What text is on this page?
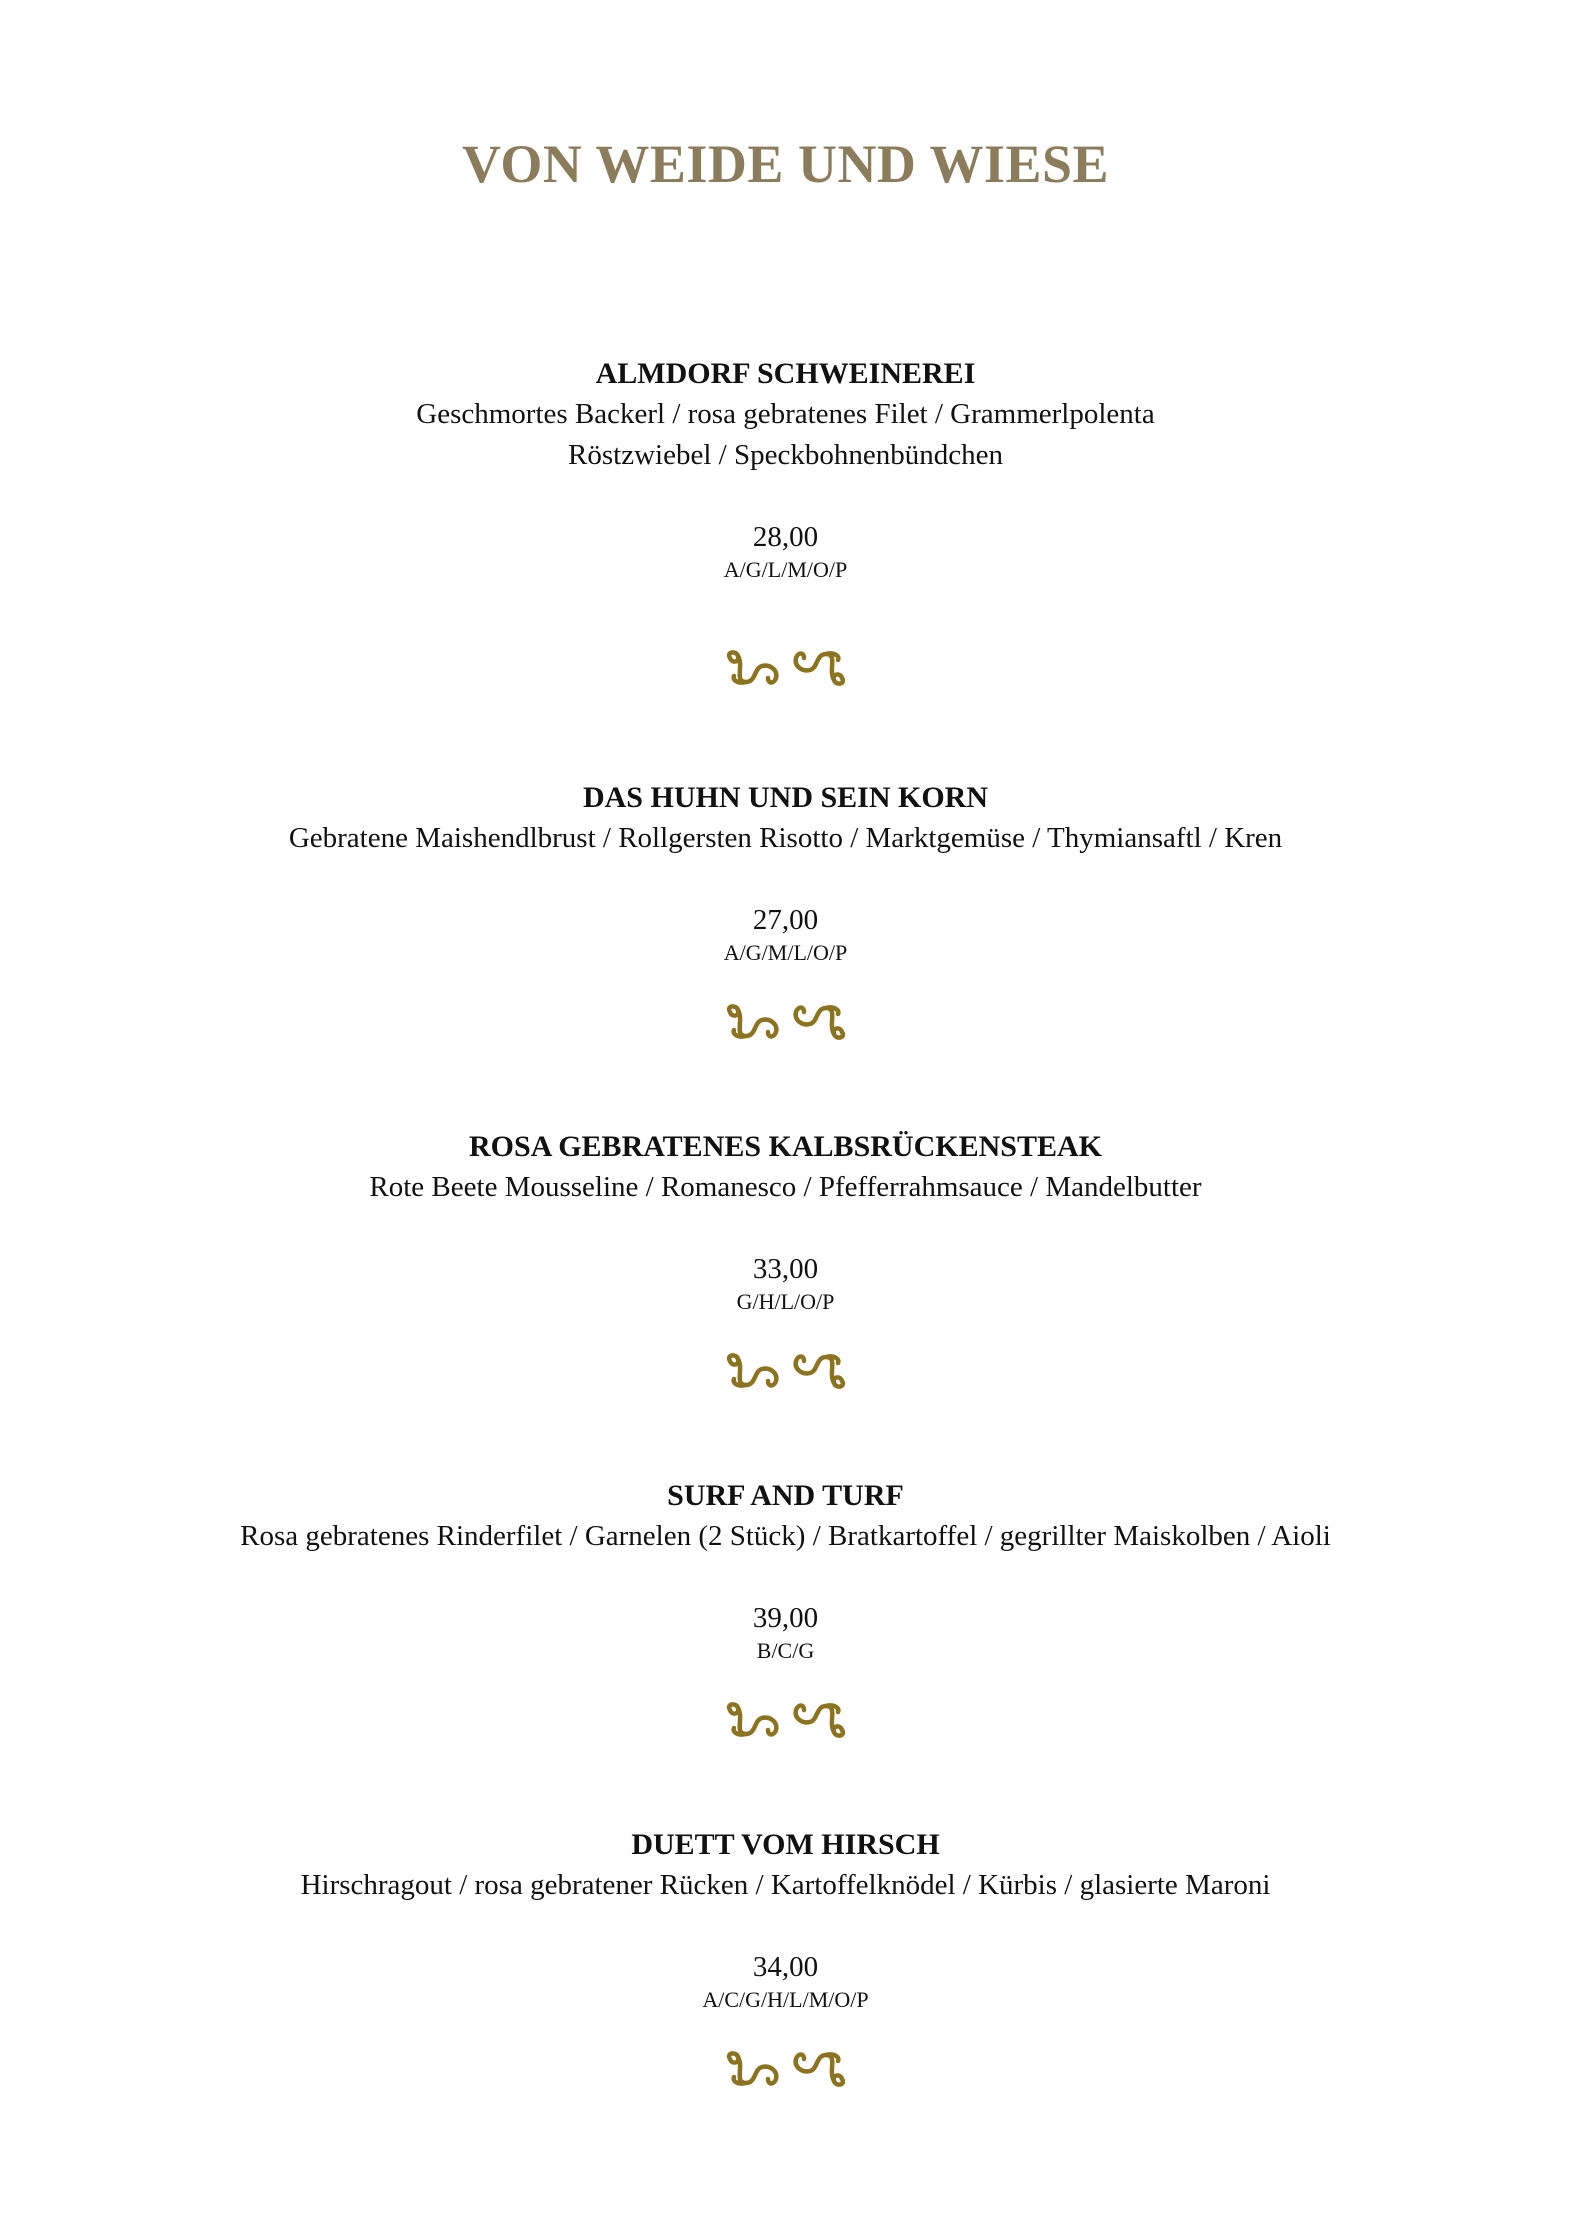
VON WEIDE UND WIESE
ALMDORF SCHWEINEREI
Geschmortes Backerl / rosa gebratenes Filet / Grammerlpolenta
Röstzwiebel / Speckbohnenbündchen
28,00
A/G/L/M/O/P
DAS HUHN UND SEIN KORN
Gebratene Maishendlbrust / Rollgersten Risotto / Marktgemüse / Thymiansaftl / Kren
27,00
A/G/M/L/O/P
ROSA GEBRATENES KALBSRÜCKENSTEAK
Rote Beete Mousseline / Romanesco / Pfefferrahmsauce / Mandelbutter
33,00
G/H/L/O/P
SURF AND TURF
Rosa gebratenes Rinderfilet / Garnelen (2 Stück) / Bratkartoffel / gegrillter Maiskolben / Aioli
39,00
B/C/G
DUETT VOM HIRSCH
Hirschragout / rosa gebratener Rücken / Kartoffelknödel / Kürbis / glasierte Maroni
34,00
A/C/G/H/L/M/O/P
